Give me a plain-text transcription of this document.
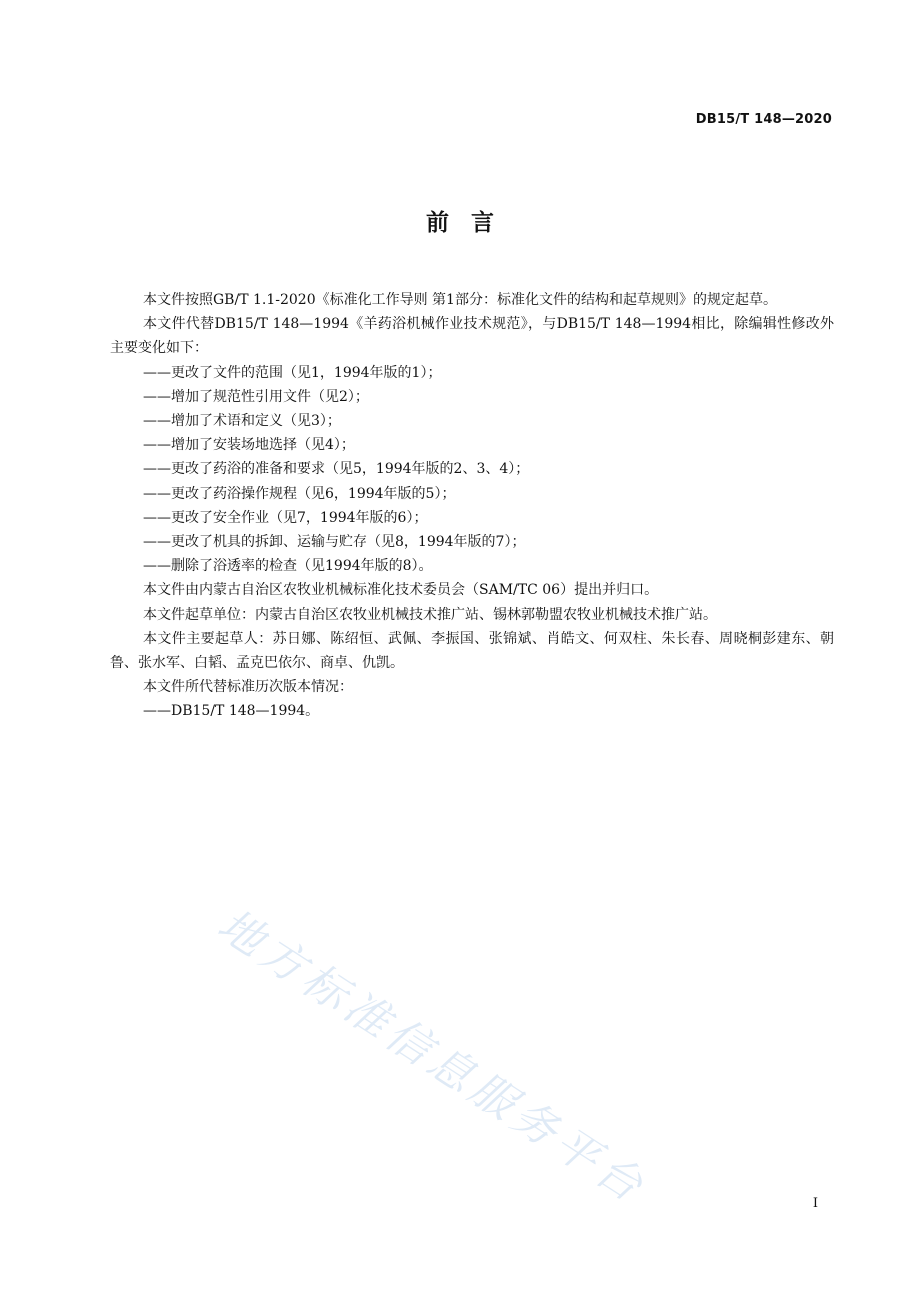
DB15/T 148—2020
前言

本文件按照GB/T 1.1-2020《标准化工作导则 第1部分：标准化文件的结构和起草规则》的规定起草。

本文件代替DB15/T 148—1994《羊药浴机械作业技术规范》，与DB15/T 148—1994相比，除编辑性修改外主要变化如下：

——更改了文件的范围（见1，1994年版的1）；

——增加了规范性引用文件（见2）；

——增加了术语和定义（见3）；

——增加了安装场地选择（见4）；

——更改了药浴的准备和要求（见5，1994年版的2、3、4）；

——更改了药浴操作规程（见6，1994年版的5）；

——更改了安全作业（见7，1994年版的6）；

——更改了机具的拆卸、运输与贮存（见8，1994年版的7）；

——删除了浴透率的检查（见1994年版的8）。

本文件由内蒙古自治区农牧业机械标准化技术委员会（SAM/TC 06）提出并归口。

本文件起草单位：内蒙古自治区农牧业机械技术推广站、锡林郭勒盟农牧业机械技术推广站。

本文件主要起草人：苏日娜、陈绍恒、武佩、李振国、张锦斌、肖皓文、何双柱、朱长春、周晓桐彭建东、朝鲁、张水军、白韬、孟克巴依尔、商卓、仇凯。

本文件所代替标准历次版本情况：

——DB15/T 148—1994。

地方标准信息服务平台	I
